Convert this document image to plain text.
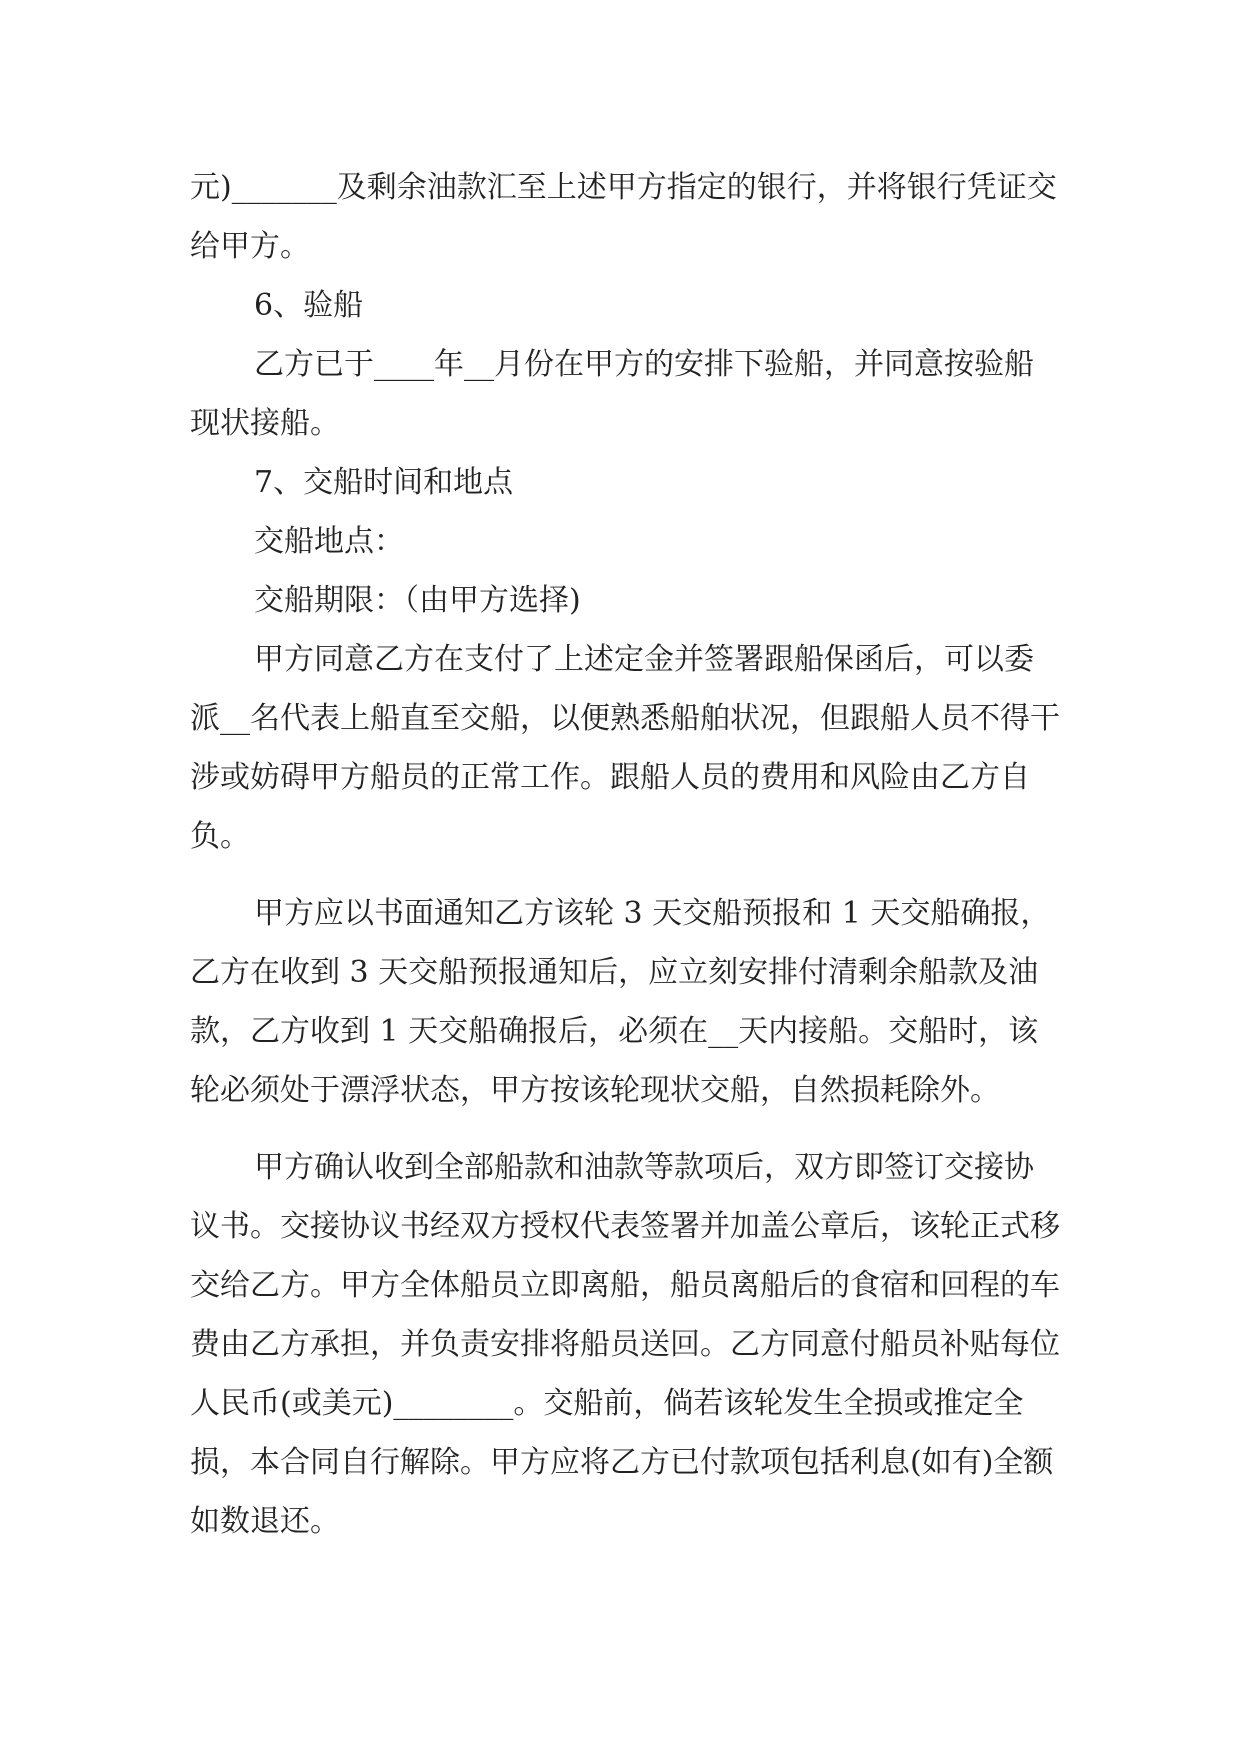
元)_______及剩余油款汇至上述甲方指定的银行，并将银行凭证交给甲方。

6、验船

乙方已于____年__月份在甲方的安排下验船，并同意按验船现状接船。

7、交船时间和地点

交船地点：

交船期限：（由甲方选择)

甲方同意乙方在支付了上述定金并签署跟船保函后，可以委派__名代表上船直至交船，以便熟悉船舶状况，但跟船人员不得干涉或妨碍甲方船员的正常工作。跟船人员的费用和风险由乙方自负。

甲方应以书面通知乙方该轮 3 天交船预报和 1 天交船确报，乙方在收到 3 天交船预报通知后，应立刻安排付清剩余船款及油款，乙方收到 1 天交船确报后，必须在__天内接船。交船时，该轮必须处于漂浮状态，甲方按该轮现状交船，自然损耗除外。

甲方确认收到全部船款和油款等款项后，双方即签订交接协议书。交接协议书经双方授权代表签署并加盖公章后，该轮正式移交给乙方。甲方全体船员立即离船，船员离船后的食宿和回程的车费由乙方承担，并负责安排将船员送回。乙方同意付船员补贴每位人民币(或美元)________。交船前，倘若该轮发生全损或推定全损，本合同自行解除。甲方应将乙方已付款项包括利息(如有)全额如数退还。
